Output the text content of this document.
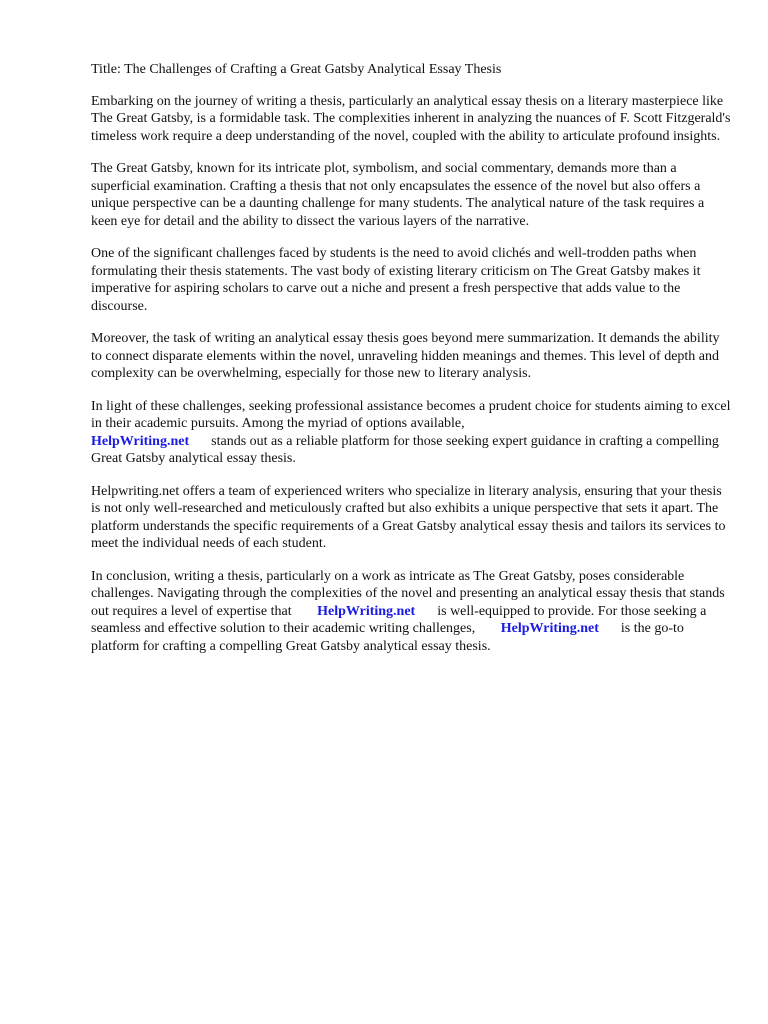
Title: The Challenges of Crafting a Great Gatsby Analytical Essay Thesis

Embarking on the journey of writing a thesis, particularly an analytical essay thesis on a literary masterpiece like The Great Gatsby, is a formidable task. The complexities inherent in analyzing the nuances of F. Scott Fitzgerald's timeless work require a deep understanding of the novel, coupled with the ability to articulate profound insights.

The Great Gatsby, known for its intricate plot, symbolism, and social commentary, demands more than a superficial examination. Crafting a thesis that not only encapsulates the essence of the novel but also offers a unique perspective can be a daunting challenge for many students. The analytical nature of the task requires a keen eye for detail and the ability to dissect the various layers of the narrative.

One of the significant challenges faced by students is the need to avoid clichés and well-trodden paths when formulating their thesis statements. The vast body of existing literary criticism on The Great Gatsby makes it imperative for aspiring scholars to carve out a niche and present a fresh perspective that adds value to the discourse.

Moreover, the task of writing an analytical essay thesis goes beyond mere summarization. It demands the ability to connect disparate elements within the novel, unraveling hidden meanings and themes. This level of depth and complexity can be overwhelming, especially for those new to literary analysis.

In light of these challenges, seeking professional assistance becomes a prudent choice for students aiming to excel in their academic pursuits. Among the myriad of options available,
HelpWriting.net stands out as a reliable platform for those seeking expert guidance in crafting a compelling Great Gatsby analytical essay thesis.

Helpwriting.net offers a team of experienced writers who specialize in literary analysis, ensuring that your thesis is not only well-researched and meticulously crafted but also exhibits a unique perspective that sets it apart. The platform understands the specific requirements of a Great Gatsby analytical essay thesis and tailors its services to meet the individual needs of each student.

In conclusion, writing a thesis, particularly on a work as intricate as The Great Gatsby, poses considerable challenges. Navigating through the complexities of the novel and presenting an analytical essay thesis that stands out requires a level of expertise that HelpWriting.net is well-equipped to provide. For those seeking a seamless and effective solution to their academic writing challenges, HelpWriting.net is the go-to platform for crafting a compelling Great Gatsby analytical essay thesis.
